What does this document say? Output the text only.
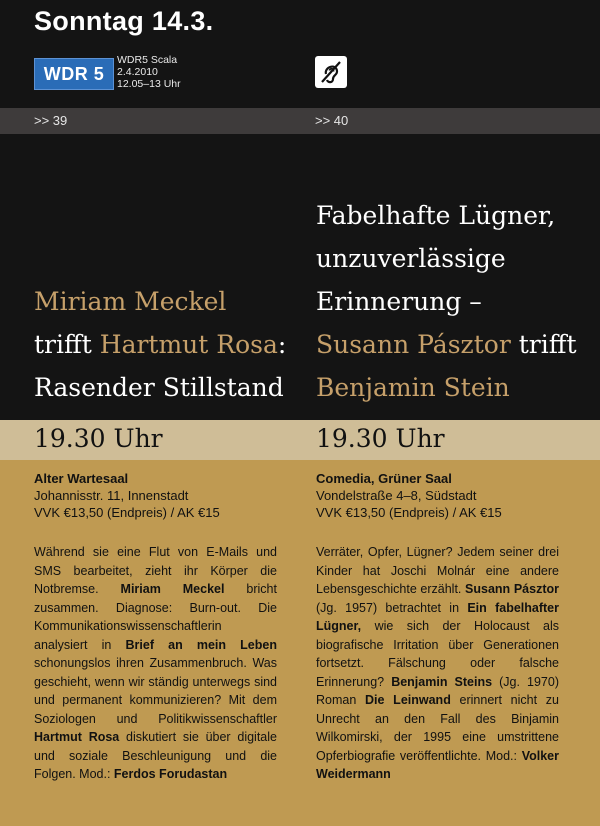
Sonntag 14.3.
WDR 5
WDR5 Scala
2.4.2010
12.05–13 Uhr
>> 39	>> 40
Miriam Meckel
trifft Hartmut Rosa:
Rasender Stillstand
Fabelhafte Lügner,
unzuverlässige
Erinnerung –
Susann Pásztor trifft
Benjamin Stein
19.30 Uhr	19.30 Uhr
Alter Wartesaal
Johannisstr. 11, Innenstadt
VVK €13,50 (Endpreis) / AK €15
Comedia, Grüner Saal
Vondelstraße 4–8, Südstadt
VVK €13,50 (Endpreis) / AK €15
Während sie eine Flut von E-Mails und SMS bearbeitet, zieht ihr Körper die Notbremse. Miriam Meckel bricht zusammen. Diagnose: Burn-out. Die Kommunikationswissenschaftlerin analysiert in Brief an mein Leben schonungslos ihren Zusammenbruch. Was geschieht, wenn wir ständig unterwegs sind und permanent kommunizieren? Mit dem Soziologen und Politikwissenschaftler Hartmut Rosa diskutiert sie über digitale und soziale Beschleunigung und die Folgen. Mod.: Ferdos Forudastan
Verräter, Opfer, Lügner? Jedem seiner drei Kinder hat Joschi Molnár eine andere Lebensgeschichte erzählt. Susann Pásztor (Jg. 1957) betrachtet in Ein fabelhafter Lügner, wie sich der Holocaust als biografische Irritation über Generationen fortsetzt. Fälschung oder falsche Erinnerung? Benjamin Steins (Jg. 1970) Roman Die Leinwand erinnert nicht zu Unrecht an den Fall des Binjamin Wilkomirski, der 1995 eine umstrittene Opferbiografie veröffentlichte. Mod.: Volker Weidermann
